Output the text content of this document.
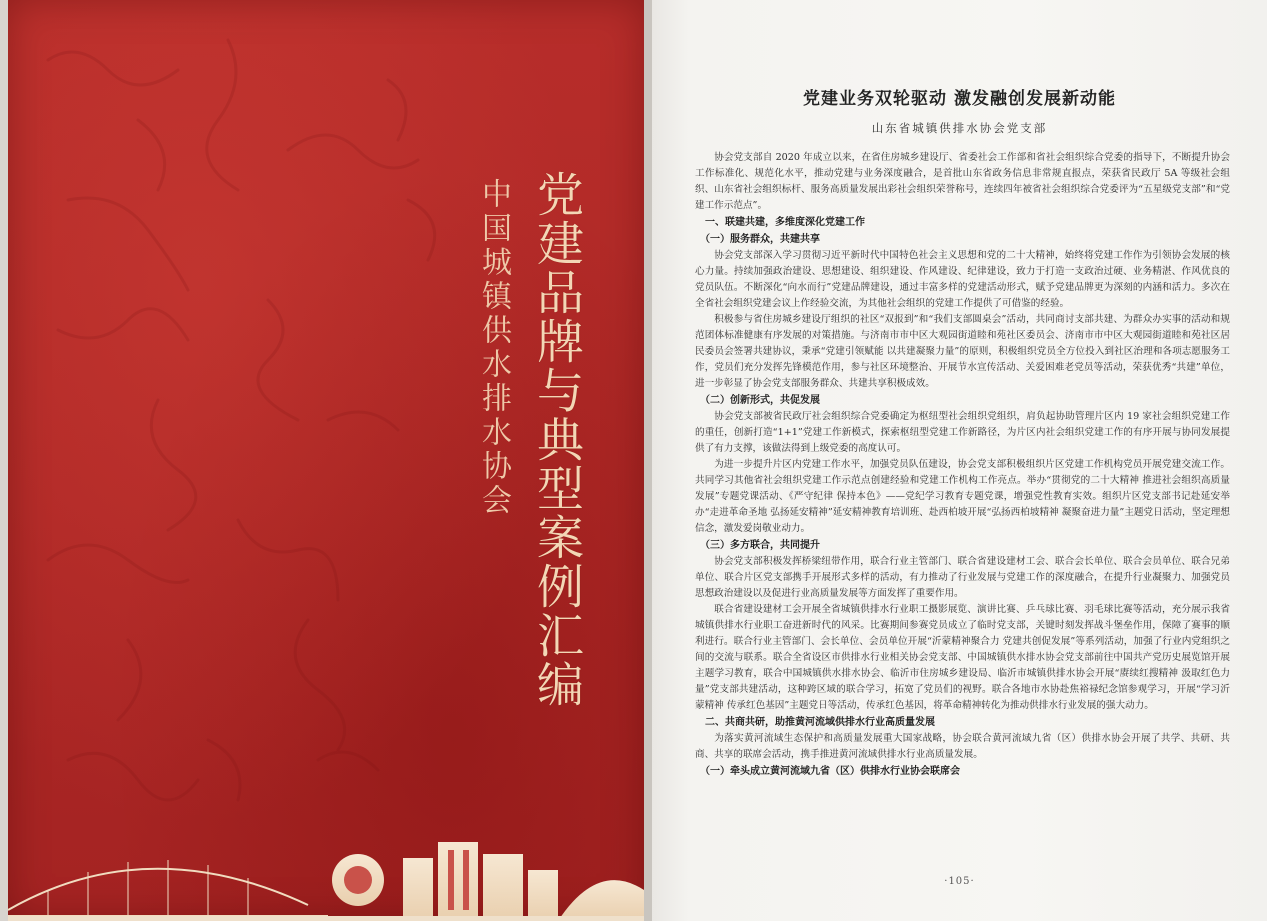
党建品牌与典型案例汇编
中国城镇供水排水协会
党建业务双轮驱动 激发融创发展新动能
山东省城镇供排水协会党支部

协会党支部自 2020 年成立以来，在省住房城乡建设厅、省委社会工作部和省社会组织综合党委的指导下，不断提升协会工作标准化、规范化水平，推动党建与业务深度融合，是首批山东省政务信息非常规直报点，荣获省民政厅 5A 等级社会组织、山东省社会组织标杆、服务高质量发展出彩社会组织荣誉称号，连续四年被省社会组织综合党委评为“五星级党支部”和“党建工作示范点”。

一、联建共建，多维度深化党建工作
（一）服务群众，共建共享

协会党支部深入学习贯彻习近平新时代中国特色社会主义思想和党的二十大精神，始终将党建工作作为引领协会发展的核心力量。持续加强政治建设、思想建设、组织建设、作风建设、纪律建设，致力于打造一支政治过硬、业务精湛、作风优良的党员队伍。不断深化“向水而行”党建品牌建设，通过丰富多样的党建活动形式，赋予党建品牌更为深刻的内涵和活力。多次在全省社会组织党建会议上作经验交流，为其他社会组织的党建工作提供了可借鉴的经验。

积极参与省住房城乡建设厅组织的社区“双报到”和“我们支部圆桌会”活动，共同商讨支部共建、为群众办实事的活动和规范团体标准健康有序发展的对策措施。与济南市市中区大观园街道睦和苑社区委员会、济南市市中区大观园街道睦和苑社区居民委员会签署共建协议，秉承“党建引领赋能 以共建凝聚力量”的原则，积极组织党员全方位投入到社区治理和各项志愿服务工作，党员们充分发挥先锋模范作用，参与社区环境整治、开展节水宣传活动、关爱困难老党员等活动，荣获优秀“共建”单位，进一步彰显了协会党支部服务群众、共建共享积极成效。

（二）创新形式，共促发展

协会党支部被省民政厅社会组织综合党委确定为枢纽型社会组织党组织，肩负起协助管理片区内 19 家社会组织党建工作的重任，创新打造“1+1”党建工作新模式，探索枢纽型党建工作新路径，为片区内社会组织党建工作的有序开展与协同发展提供了有力支撑，该做法得到上级党委的高度认可。

为进一步提升片区内党建工作水平，加强党员队伍建设，协会党支部积极组织片区党建工作机构党员开展党建交流工作。共同学习其他省社会组织党建工作示范点创建经验和党建工作机构工作亮点。举办“贯彻党的二十大精神 推进社会组织高质量发展”专题党课活动、《严守纪律 保持本色》——党纪学习教育专题党课，增强党性教育实效。组织片区党支部书记赴延安举办“走进革命圣地 弘扬延安精神”延安精神教育培训班、赴西柏坡开展“弘扬西柏坡精神 凝聚奋进力量”主题党日活动，坚定理想信念，激发爱岗敬业动力。

（三）多方联合，共同提升

协会党支部积极发挥桥梁纽带作用，联合行业主管部门、联合省建设建材工会、联合会长单位、联合会员单位、联合兄弟单位、联合片区党支部携手开展形式多样的活动，有力推动了行业发展与党建工作的深度融合，在提升行业凝聚力、加强党员思想政治建设以及促进行业高质量发展等方面发挥了重要作用。

联合省建设建材工会开展全省城镇供排水行业职工摄影展览、演讲比赛、乒乓球比赛、羽毛球比赛等活动，充分展示我省城镇供排水行业职工奋进新时代的风采。比赛期间参赛党员成立了临时党支部，关键时刻发挥战斗堡垒作用，保障了赛事的顺利进行。联合行业主管部门、会长单位、会员单位开展“沂蒙精神聚合力 党建共创促发展”等系列活动，加强了行业内党组织之间的交流与联系。联合全省设区市供排水行业相关协会党支部、中国城镇供水排水协会党支部前往中国共产党历史展览馆开展主题学习教育，联合中国城镇供水排水协会、临沂市住房城乡建设局、临沂市城镇供排水协会开展“赓续红搜精神 汲取红色力量”党支部共建活动，这种跨区域的联合学习，拓宽了党员们的视野。联合各地市水协赴焦裕禄纪念馆参观学习，开展“学习沂蒙精神 传承红色基因”主题党日等活动，传承红色基因，将革命精神转化为推动供排水行业发展的强大动力。

二、共商共研，助推黄河流域供排水行业高质量发展

为落实黄河流域生态保护和高质量发展重大国家战略，协会联合黄河流域九省（区）供排水协会开展了共学、共研、共商、共享的联席会活动，携手推进黄河流域供排水行业高质量发展。

（一）牵头成立黄河流域九省（区）供排水行业协会联席会
·105·
